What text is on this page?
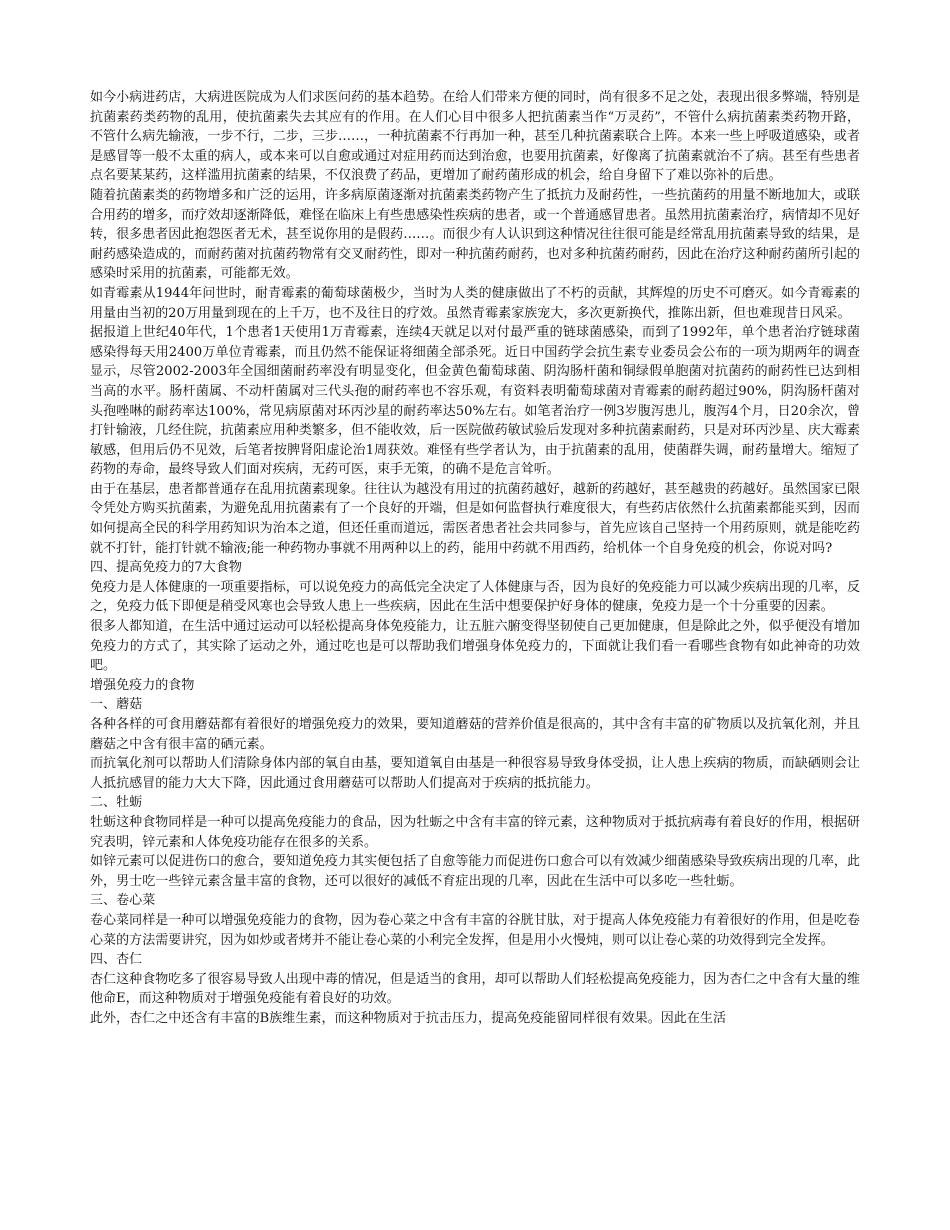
如今小病进药店，大病进医院成为人们求医问药的基本趋势。在给人们带来方便的同时，尚有很多不足之处，表现出很多弊端，特别是抗菌素药类药物的乱用，使抗菌素失去其应有的作用。在人们心目中很多人把抗菌素当作“万灵药”，不管什么病抗菌素类药物开路，不管什么病先输液，一步不行，二步，三步……，一种抗菌素不行再加一种，甚至几种抗菌素联合上阵。本来一些上呼吸道感染，或者是感冒等一般不太重的病人，或本来可以自愈或通过对症用药而达到治愈，也要用抗菌素，好像离了抗菌素就治不了病。甚至有些患者点名要某某药，这样滥用抗菌素的结果，不仅浪费了药品，更增加了耐药菌形成的机会，给自身留下了难以弥补的后患。

随着抗菌素类的药物增多和广泛的运用，许多病原菌逐渐对抗菌素类药物产生了抵抗力及耐药性，一些抗菌药的用量不断地加大，或联合用药的增多，而疗效却逐渐降低，难怪在临床上有些患感染性疾病的患者，或一个普通感冒患者。虽然用抗菌素治疗，病情却不见好转，很多患者因此抱怨医者无术，甚至说你用的是假药……。而很少有人认识到这种情况往往很可能是经常乱用抗菌素导致的结果，是耐药感染造成的，而耐药菌对抗菌药物常有交叉耐药性，即对一种抗菌药耐药，也对多种抗菌药耐药，因此在治疗这种耐药菌所引起的感染时采用的抗菌素，可能都无效。

如青霉素从1944年问世时，耐青霉素的葡萄球菌极少，当时为人类的健康做出了不朽的贡献，其辉煌的历史不可磨灭。如今青霉素的用量由当初的20万用量到现在的上千万，也不及往日的疗效。虽然青霉素家族宠大，多次更新换代，推陈出新，但也难现昔日风采。

据报道上世纪40年代，1个患者1天使用1万青霉素，连续4天就足以对付最严重的链球菌感染，而到了1992年，单个患者治疗链球菌感染得每天用2400万单位青霉素，而且仍然不能保证将细菌全部杀死。近日中国药学会抗生素专业委员会公布的一项为期两年的调查显示，尽管2002-2003年全国细菌耐药率没有明显变化，但金黄色葡萄球菌、阴沟肠杆菌和铜绿假单胞菌对抗菌药的耐药性已达到相当高的水平。肠杆菌属、不动杆菌属对三代头孢的耐药率也不容乐观，有资料表明葡萄球菌对青霉素的耐药超过90%，阴沟肠杆菌对头孢唑啉的耐药率达100%，常见病原菌对环丙沙星的耐药率达50%左右。如笔者治疗一例3岁腹泻患儿，腹泻4个月，日20余次，曾打针输液，几经住院，抗菌素应用种类繁多，但不能收效，后一医院做药敏试验后发现对多种抗菌素耐药，只是对环丙沙星、庆大霉素敏感，但用后仍不见效，后笔者按脾肾阳虚论治1周获效。难怪有些学者认为，由于抗菌素的乱用，使菌群失调，耐药量增大。缩短了药物的寿命，最终导致人们面对疾病，无药可医，束手无策，的确不是危言耸听。

由于在基层，患者都普通存在乱用抗菌素现象。往往认为越没有用过的抗菌药越好，越新的药越好，甚至越贵的药越好。虽然国家已限令凭处方购买抗菌素，为避免乱用抗菌素有了一个良好的开端，但是如何监督执行难度很大，有些药店依然什么抗菌素都能买到，因而如何提高全民的科学用药知识为治本之道，但还任重而道远，需医者患者社会共同参与，首先应该自己坚持一个用药原则，就是能吃药就不打针，能打针就不输液;能一种药物办事就不用两种以上的药，能用中药就不用西药，给机体一个自身免疫的机会，你说对吗?

四、提高免疫力的7大食物

免疫力是人体健康的一项重要指标，可以说免疫力的高低完全决定了人体健康与否，因为良好的免疫能力可以减少疾病出现的几率，反之，免疫力低下即便是稍受风寒也会导致人患上一些疾病，因此在生活中想要保护好身体的健康，免疫力是一个十分重要的因素。

很多人都知道，在生活中通过运动可以轻松提高身体免疫能力，让五脏六腑变得坚韧使自己更加健康，但是除此之外，似乎便没有增加免疫力的方式了，其实除了运动之外，通过吃也是可以帮助我们增强身体免疫力的，下面就让我们看一看哪些食物有如此神奇的功效吧。

增强免疫力的食物

一、蘑菇

各种各样的可食用蘑菇都有着很好的增强免疫力的效果，要知道蘑菇的营养价值是很高的，其中含有丰富的矿物质以及抗氧化剂，并且蘑菇之中含有很丰富的硒元素。

而抗氧化剂可以帮助人们清除身体内部的氧自由基，要知道氧自由基是一种很容易导致身体受损，让人患上疾病的物质，而缺硒则会让人抵抗感冒的能力大大下降，因此通过食用蘑菇可以帮助人们提高对于疾病的抵抗能力。

二、牡蛎

牡蛎这种食物同样是一种可以提高免疫能力的食品，因为牡蛎之中含有丰富的锌元素，这种物质对于抵抗病毒有着良好的作用，根据研究表明，锌元素和人体免疫功能存在很多的关系。

如锌元素可以促进伤口的愈合，要知道免疫力其实便包括了自愈等能力而促进伤口愈合可以有效减少细菌感染导致疾病出现的几率，此外，男士吃一些锌元素含量丰富的食物，还可以很好的减低不育症出现的几率，因此在生活中可以多吃一些牡蛎。

三、卷心菜

卷心菜同样是一种可以增强免疫能力的食物，因为卷心菜之中含有丰富的谷胱甘肽，对于提高人体免疫能力有着很好的作用，但是吃卷心菜的方法需要讲究，因为如炒或者烤并不能让卷心菜的小利完全发挥，但是用小火慢炖，则可以让卷心菜的功效得到完全发挥。

四、杏仁

杏仁这种食物吃多了很容易导致人出现中毒的情况，但是适当的食用，却可以帮助人们轻松提高免疫能力，因为杏仁之中含有大量的维他命E，而这种物质对于增强免疫能有着良好的功效。

此外，杏仁之中还含有丰富的B族维生素，而这种物质对于抗击压力，提高免疫能留同样很有效果。因此在生活
